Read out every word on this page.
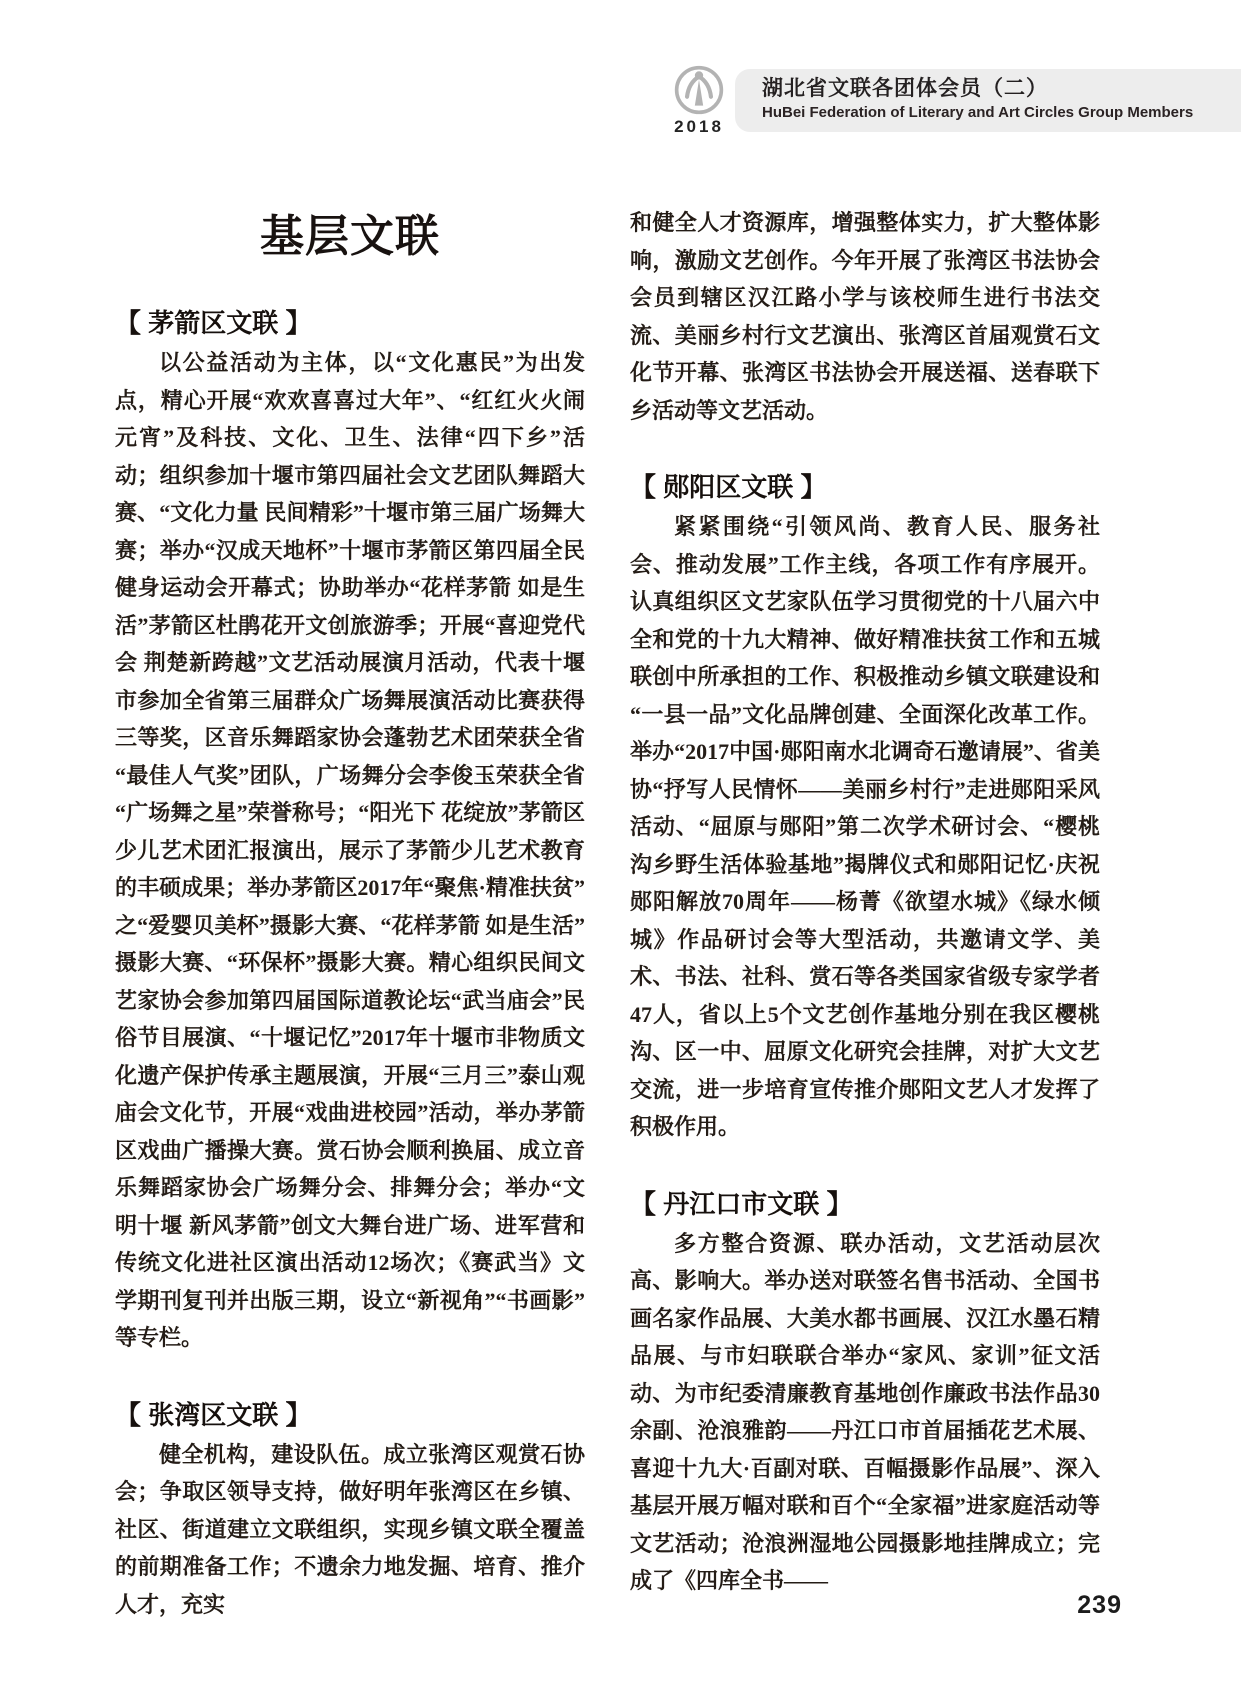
2018
湖北省文联各团体会员（二）
HuBei Federation of Literary and Art Circles Group Members
基层文联
【 茅箭区文联 】

以公益活动为主体，以“文化惠民”为出发点，精心开展“欢欢喜喜过大年”、“红红火火闹元宵”及科技、文化、卫生、法律“四下乡”活动；组织参加十堰市第四届社会文艺团队舞蹈大赛、“文化力量 民间精彩”十堰市第三届广场舞大赛；举办“汉成天地杯”十堰市茅箭区第四届全民健身运动会开幕式；协助举办“花样茅箭 如是生活”茅箭区杜鹃花开文创旅游季；开展“喜迎党代会 荆楚新跨越”文艺活动展演月活动，代表十堰市参加全省第三届群众广场舞展演活动比赛获得三等奖，区音乐舞蹈家协会蓬勃艺术团荣获全省“最佳人气奖”团队，广场舞分会李俊玉荣获全省“广场舞之星”荣誉称号；“阳光下 花绽放”茅箭区少儿艺术团汇报演出，展示了茅箭少儿艺术教育的丰硕成果；举办茅箭区2017年“聚焦·精准扶贫”之“爱婴贝美杯”摄影大赛、“花样茅箭 如是生活”摄影大赛、“环保杯”摄影大赛。精心组织民间文艺家协会参加第四届国际道教论坛“武当庙会”民俗节目展演、“十堰记忆”2017年十堰市非物质文化遗产保护传承主题展演，开展“三月三”泰山观庙会文化节，开展“戏曲进校园”活动，举办茅箭区戏曲广播操大赛。赏石协会顺利换届、成立音乐舞蹈家协会广场舞分会、排舞分会；举办“文明十堰 新风茅箭”创文大舞台进广场、进军营和传统文化进社区演出活动12场次；《赛武当》文学期刊复刊并出版三期，设立“新视角”“书画影”等专栏。

【 张湾区文联 】

健全机构，建设队伍。成立张湾区观赏石协会；争取区领导支持，做好明年张湾区在乡镇、社区、街道建立文联组织，实现乡镇文联全覆盖的前期准备工作；不遗余力地发掘、培育、推介人才，充实

和健全人才资源库，增强整体实力，扩大整体影响，激励文艺创作。今年开展了张湾区书法协会会员到辖区汉江路小学与该校师生进行书法交流、美丽乡村行文艺演出、张湾区首届观赏石文化节开幕、张湾区书法协会开展送福、送春联下乡活动等文艺活动。

【 郧阳区文联 】

紧紧围绕“引领风尚、教育人民、服务社会、推动发展”工作主线，各项工作有序展开。认真组织区文艺家队伍学习贯彻党的十八届六中全和党的十九大精神、做好精准扶贫工作和五城联创中所承担的工作、积极推动乡镇文联建设和“一县一品”文化品牌创建、全面深化改革工作。举办“2017中国·郧阳南水北调奇石邀请展”、省美协“抒写人民情怀——美丽乡村行”走进郧阳采风活动、“屈原与郧阳”第二次学术研讨会、“樱桃沟乡野生活体验基地”揭牌仪式和郧阳记忆·庆祝郧阳解放70周年——杨菁《欲望水城》《绿水倾城》作品研讨会等大型活动，共邀请文学、美术、书法、社科、赏石等各类国家省级专家学者47人，省以上5个文艺创作基地分别在我区樱桃沟、区一中、屈原文化研究会挂牌，对扩大文艺交流，进一步培育宣传推介郧阳文艺人才发挥了积极作用。

【 丹江口市文联 】

多方整合资源、联办活动，文艺活动层次高、影响大。举办送对联签名售书活动、全国书画名家作品展、大美水都书画展、汉江水墨石精品展、与市妇联联合举办“家风、家训”征文活动、为市纪委清廉教育基地创作廉政书法作品30余副、沧浪雅韵——丹江口市首届插花艺术展、喜迎十九大·百副对联、百幅摄影作品展”、深入基层开展万幅对联和百个“全家福”进家庭活动等文艺活动；沧浪洲湿地公园摄影地挂牌成立；完成了《四库全书——

239
